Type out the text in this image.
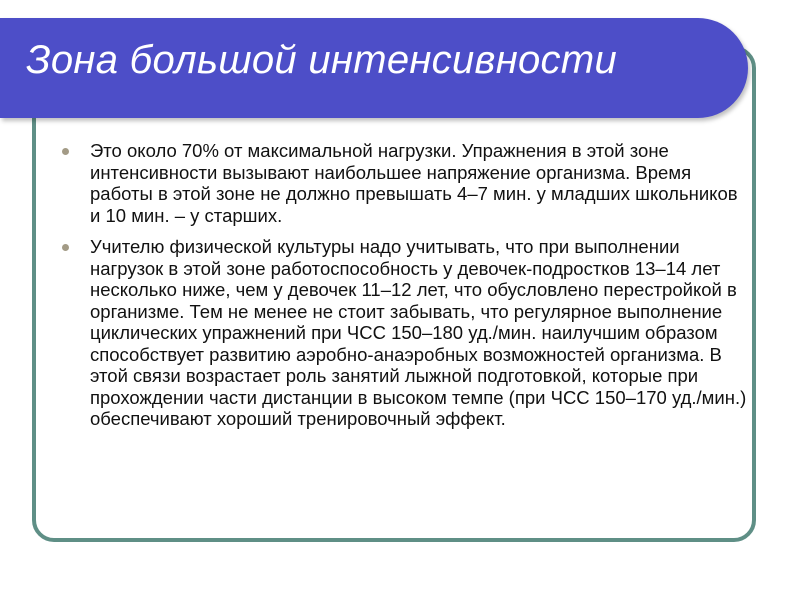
Зона большой интенсивности
Это около 70% от максимальной нагрузки. Упражнения в этой зоне интенсивности вызывают наибольшее напряжение организма. Время работы в этой зоне не должно превышать 4–7 мин. у младших школьников и 10 мин. – у старших.
Учителю физической культуры надо учитывать, что при выполнении нагрузок в этой зоне работоспособность у девочек-подростков 13–14 лет несколько ниже, чем у девочек 11–12 лет, что обусловлено перестройкой в организме. Тем не менее не стоит забывать, что регулярное выполнение циклических упражнений при ЧСС 150–180 уд./мин. наилучшим образом способствует развитию аэробно-анаэробных возможностей организма. В этой связи возрастает роль занятий лыжной подготовкой, которые при прохождении части дистанции в высоком темпе (при ЧСС 150–170 уд./мин.) обеспечивают хороший тренировочный эффект.
